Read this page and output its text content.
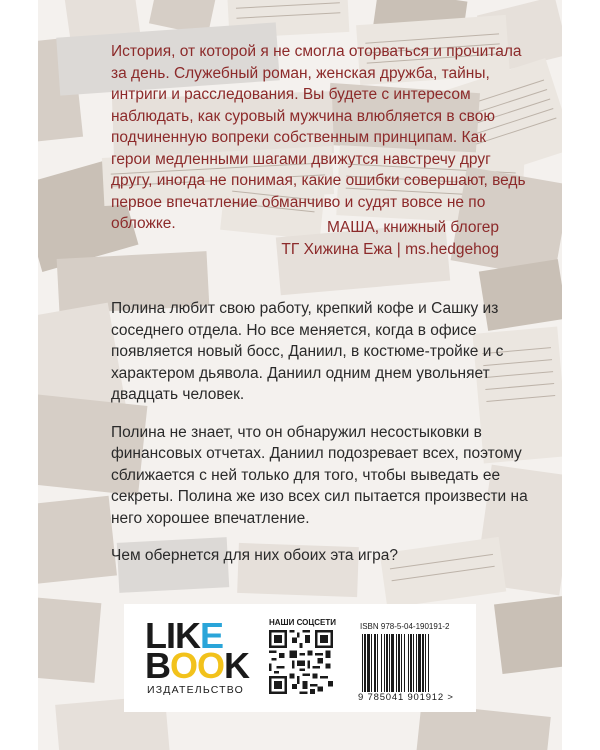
История, от которой я не смогла оторваться и прочитала за день. Служебный роман, женская дружба, тайны, интриги и расследования. Вы будете с интересом наблюдать, как суровый мужчина влюбляется в свою подчиненную вопреки собственным принципам. Как герои медленными шагами движутся навстречу друг другу, иногда не понимая, какие ошибки совершают, ведь первое впечатление обманчиво и судят вовсе не по обложке.	МАША, книжный блогер
ТГ Хижина Ежа | ms.hedgehog

Полина любит свою работу, крепкий кофе и Сашку из соседнего отдела. Но все меняется, когда в офисе появляется новый босс, Даниил, в костюме-тройке и с характером дьявола. Даниил одним днем увольняет двадцать человек.

Полина не знает, что он обнаружил несостыковки в финансовых отчетах. Даниил подозревает всех, поэтому сближается с ней только для того, чтобы выведать ее секреты. Полина же изо всех сил пытается произвести на него хорошее впечатление.

Чем обернется для них обоих эта игра?

LIKE
BOOK
ИЗДАТЕЛЬСТВО
НАШИ СОЦСЕТИ	ISBN 978-5-04-190191-2
9 785041 901912 >
